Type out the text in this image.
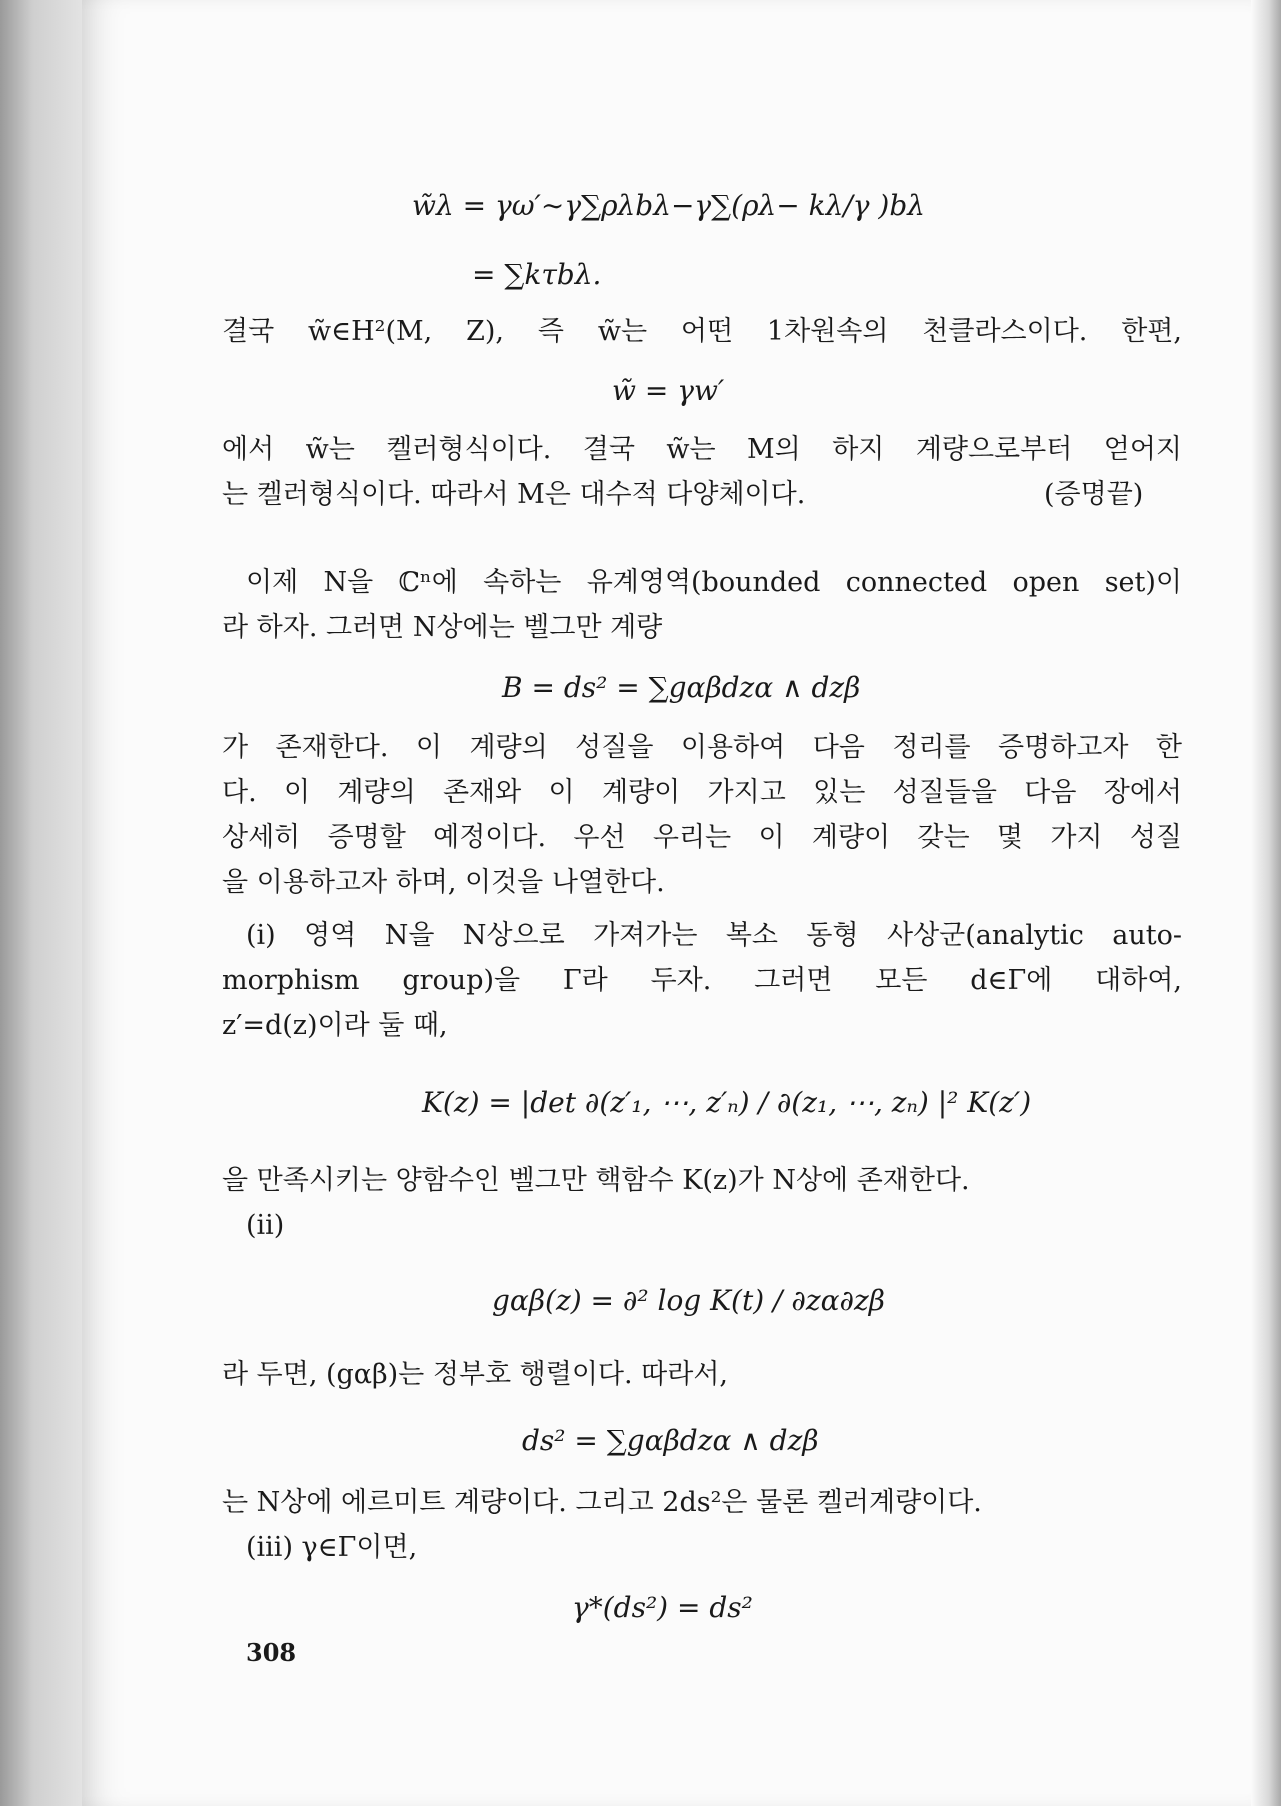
w̃λ = γω′∼γ∑ρλbλ−γ∑(ρλ− kλ/γ )bλ
= ∑kτbλ.
결국 w̃∈H²(M, Z), 즉 w̃는 어떤 1차원속의 천클라스이다. 한편,
w̃ = γw′
에서 w̃는 켈러형식이다. 결국 w̃는 M의 하지 계량으로부터 얻어지
는 켈러형식이다. 따라서 M은 대수적 다양체이다.	(증명끝)
이제 N을 ℂⁿ에 속하는 유계영역(bounded connected open set)이
라 하자. 그러면 N상에는 벨그만 계량
B = ds² = ∑gαβdzα ∧ dzβ
가 존재한다. 이 계량의 성질을 이용하여 다음 정리를 증명하고자 한
다. 이 계량의 존재와 이 계량이 가지고 있는 성질들을 다음 장에서
상세히 증명할 예정이다. 우선 우리는 이 계량이 갖는 몇 가지 성질
을 이용하고자 하며, 이것을 나열한다.
(i) 영역 N을 N상으로 가져가는 복소 동형 사상군(analytic auto-
morphism group)을 Γ라 두자. 그러면 모든 d∈Γ에 대하여,
z′=d(z)이라 둘 때,
K(z) = |det ∂(z′₁, ⋯, z′ₙ) / ∂(z₁, ⋯, zₙ) |² K(z′)
을 만족시키는 양함수인 벨그만 핵함수 K(z)가 N상에 존재한다.
(ii)
gαβ(z) = ∂² log K(t) / ∂zα∂zβ
라 두면, (gαβ)는 정부호 행렬이다. 따라서,
ds² = ∑gαβdzα ∧ dzβ
는 N상에 에르미트 계량이다. 그리고 2ds²은 물론 켈러계량이다.
(iii) γ∈Γ이면,
γ*(ds²) = ds²
308
